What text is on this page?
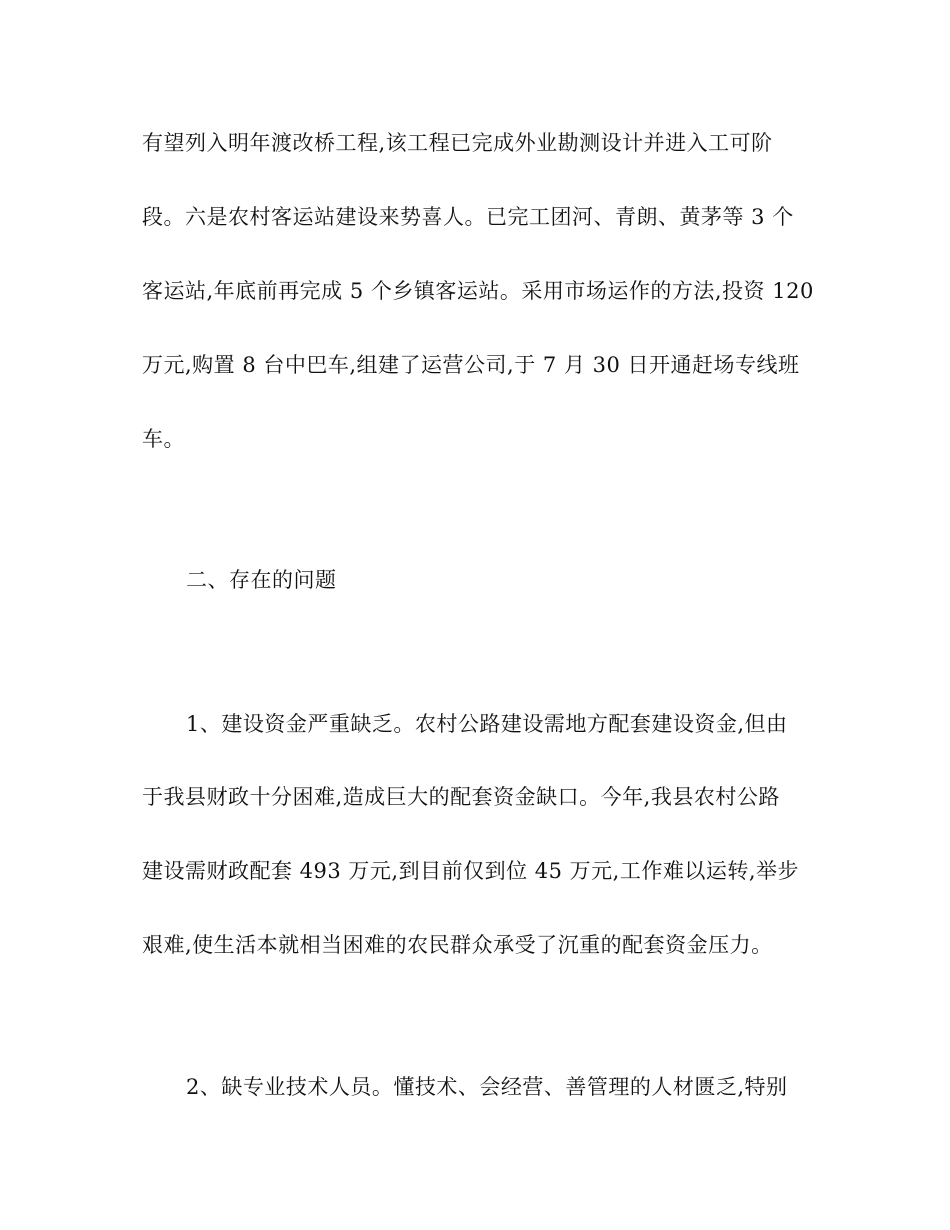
有望列入明年渡改桥工程,该工程已完成外业勘测设计并进入工可阶
段。六是农村客运站建设来势喜人。已完工团河、青朗、黄茅等 3 个
客运站,年底前再完成 5 个乡镇客运站。采用市场运作的方法,投资 120
万元,购置 8 台中巴车,组建了运营公司,于 7 月 30 日开通赶场专线班
车。
二、存在的问题
1、建设资金严重缺乏。农村公路建设需地方配套建设资金,但由
于我县财政十分困难,造成巨大的配套资金缺口。今年,我县农村公路
建设需财政配套 493 万元,到目前仅到位 45 万元,工作难以运转,举步
艰难,使生活本就相当困难的农民群众承受了沉重的配套资金压力。
2、缺专业技术人员。懂技术、会经营、善管理的人材匮乏,特别
